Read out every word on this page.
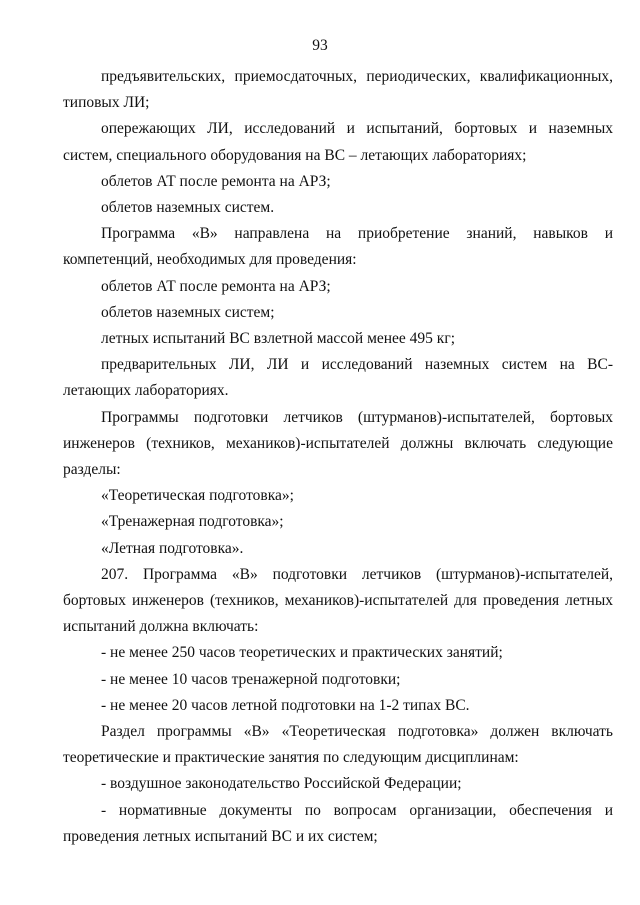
93

предъявительских, приемосдаточных, периодических, квалификационных, типовых ЛИ;

опережающих ЛИ, исследований и испытаний, бортовых и наземных систем, специального оборудования на ВС – летающих лабораториях;

облетов АТ после ремонта на АРЗ;

облетов наземных систем.

Программа «В» направлена на приобретение знаний, навыков и компетенций, необходимых для проведения:

облетов АТ после ремонта на АРЗ;

облетов наземных систем;

летных испытаний ВС взлетной массой менее 495 кг;

предварительных ЛИ, ЛИ и исследований наземных систем на ВС-летающих лабораториях.

Программы подготовки летчиков (штурманов)-испытателей, бортовых инженеров (техников, механиков)-испытателей должны включать следующие разделы:

«Теоретическая подготовка»;

«Тренажерная подготовка»;

«Летная подготовка».

207. Программа «В» подготовки летчиков (штурманов)-испытателей, бортовых инженеров (техников, механиков)-испытателей для проведения летных испытаний должна включать:

- не менее 250 часов теоретических и практических занятий;

- не менее 10 часов тренажерной подготовки;

- не менее 20 часов летной подготовки на 1-2 типах ВС.

Раздел программы «В» «Теоретическая подготовка» должен включать теоретические и практические занятия по следующим дисциплинам:

- воздушное законодательство Российской Федерации;

- нормативные документы по вопросам организации, обеспечения и проведения летных испытаний ВС и их систем;
